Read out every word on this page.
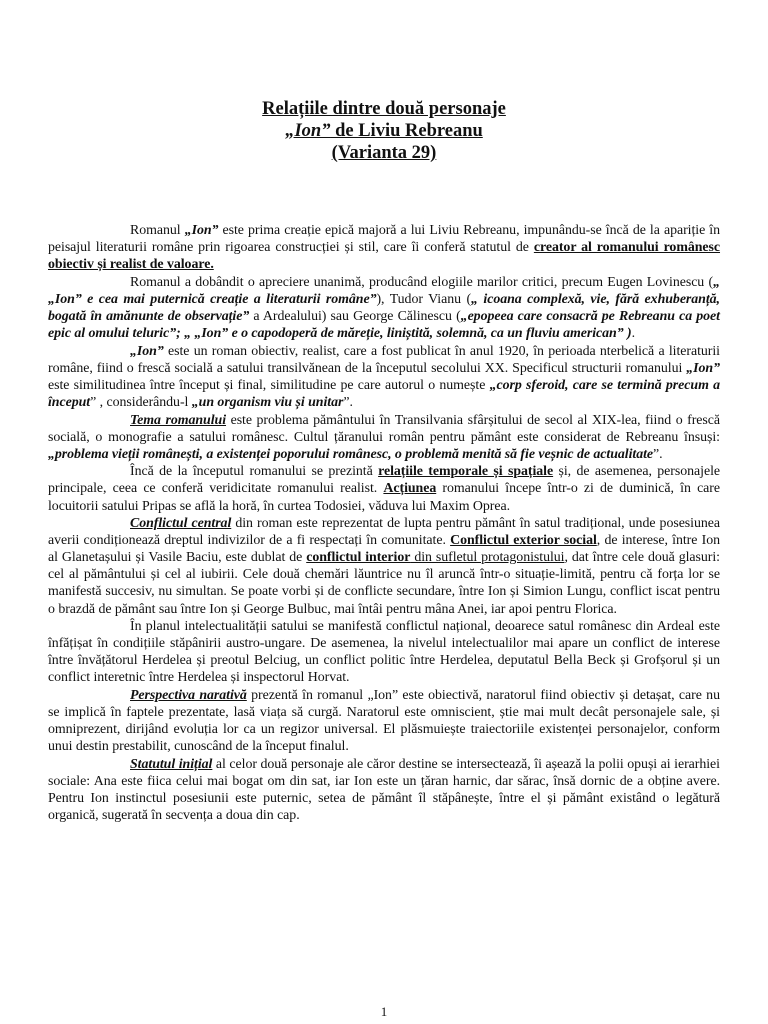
Relațiile dintre două personaje
„Ion” de Liviu Rebreanu
(Varianta 29)

Romanul „Ion” este prima creație epică majoră a lui Liviu Rebreanu, impunându-se încă de la apariție în peisajul literaturii române prin rigoarea construcției și stil, care îi conferă statutul de creator al romanului românesc obiectiv și realist de valoare.

Romanul a dobândit o apreciere unanimă, producând elogiile marilor critici, precum Eugen Lovinescu („ „Ion” e cea mai puternică creație a literaturii române”), Tudor Vianu („ icoana complexă, vie, fără exhuberanță, bogată în amănunte de observație” a Ardealului) sau George Călinescu („epopeea care consacră pe Rebreanu ca poet epic al omului teluric”; „ „Ion” e o capodoperă de măreție, liniștită, solemnă, ca un fluviu american” ).

„Ion” este un roman obiectiv, realist, care a fost publicat în anul 1920, în perioada nterbelică a literaturii române, fiind o frescă socială a satului transilvănean de la începutul secolului XX. Specificul structurii romanului „Ion” este similitudinea între început și final, similitudine pe care autorul o numește „corp sferoid, care se termină precum a început” , considerându-l „un organism viu și unitar”.

Tema romanului este problema pământului în Transilvania sfârșitului de secol al XIX-lea, fiind o frescă socială, o monografie a satului românesc. Cultul țăranului român pentru pământ este considerat de Rebreanu însuși: „problema vieții românești, a existenței poporului românesc, o problemă menită să fie veșnic de actualitate”.

Încă de la începutul romanului se prezintă relațiile temporale și spațiale și, de asemenea, personajele principale, ceea ce conferă veridicitate romanului realist. Acțiunea romanului începe într-o zi de duminică, în care locuitorii satului Pripas se află la horă, în curtea Todosiei, văduva lui Maxim Oprea.

Conflictul central din roman este reprezentat de lupta pentru pământ în satul tradițional, unde posesiunea averii condiționează dreptul indivizilor de a fi respectați în comunitate. Conflictul exterior social, de interese, între Ion al Glanetașului și Vasile Baciu, este dublat de conflictul interior din sufletul protagonistului, dat între cele două glasuri: cel al pământului și cel al iubirii. Cele două chemări lăuntrice nu îl aruncă într-o situație-limită, pentru că forța lor se manifestă succesiv, nu simultan. Se poate vorbi și de conflicte secundare, între Ion și Simion Lungu, conflict iscat pentru o brazdă de pământ sau între Ion și George Bulbuc, mai întâi pentru mâna Anei, iar apoi pentru Florica.

În planul intelectualității satului se manifestă conflictul național, deoarece satul românesc din Ardeal este înfățișat în condițiile stăpânirii austro-ungare. De asemenea, la nivelul intelectualilor mai apare un conflict de interese între învățătorul Herdelea și preotul Belciug, un conflict politic între Herdelea, deputatul Bella Beck și Grofșorul și un conflict interetnic între Herdelea și inspectorul Horvat.

Perspectiva narativă prezentă în romanul „Ion” este obiectivă, naratorul fiind obiectiv și detașat, care nu se implică în faptele prezentate, lasă viața să curgă. Naratorul este omniscient, știe mai mult decât personajele sale, și omniprezent, dirijând evoluția lor ca un regizor universal. El plăsmuiește traiectoriile existenței personajelor, conform unui destin prestabilit, cunoscând de la început finalul.

Statutul inițial al celor două personaje ale căror destine se intersectează, îi așează la polii opuși ai ierarhiei sociale: Ana este fiica celui mai bogat om din sat, iar Ion este un țăran harnic, dar sărac, însă dornic de a obține avere. Pentru Ion instinctul posesiunii este puternic, setea de pământ îl stăpânește, între el și pământ existând o legătură organică, sugerată în secvența a doua din cap.

1
